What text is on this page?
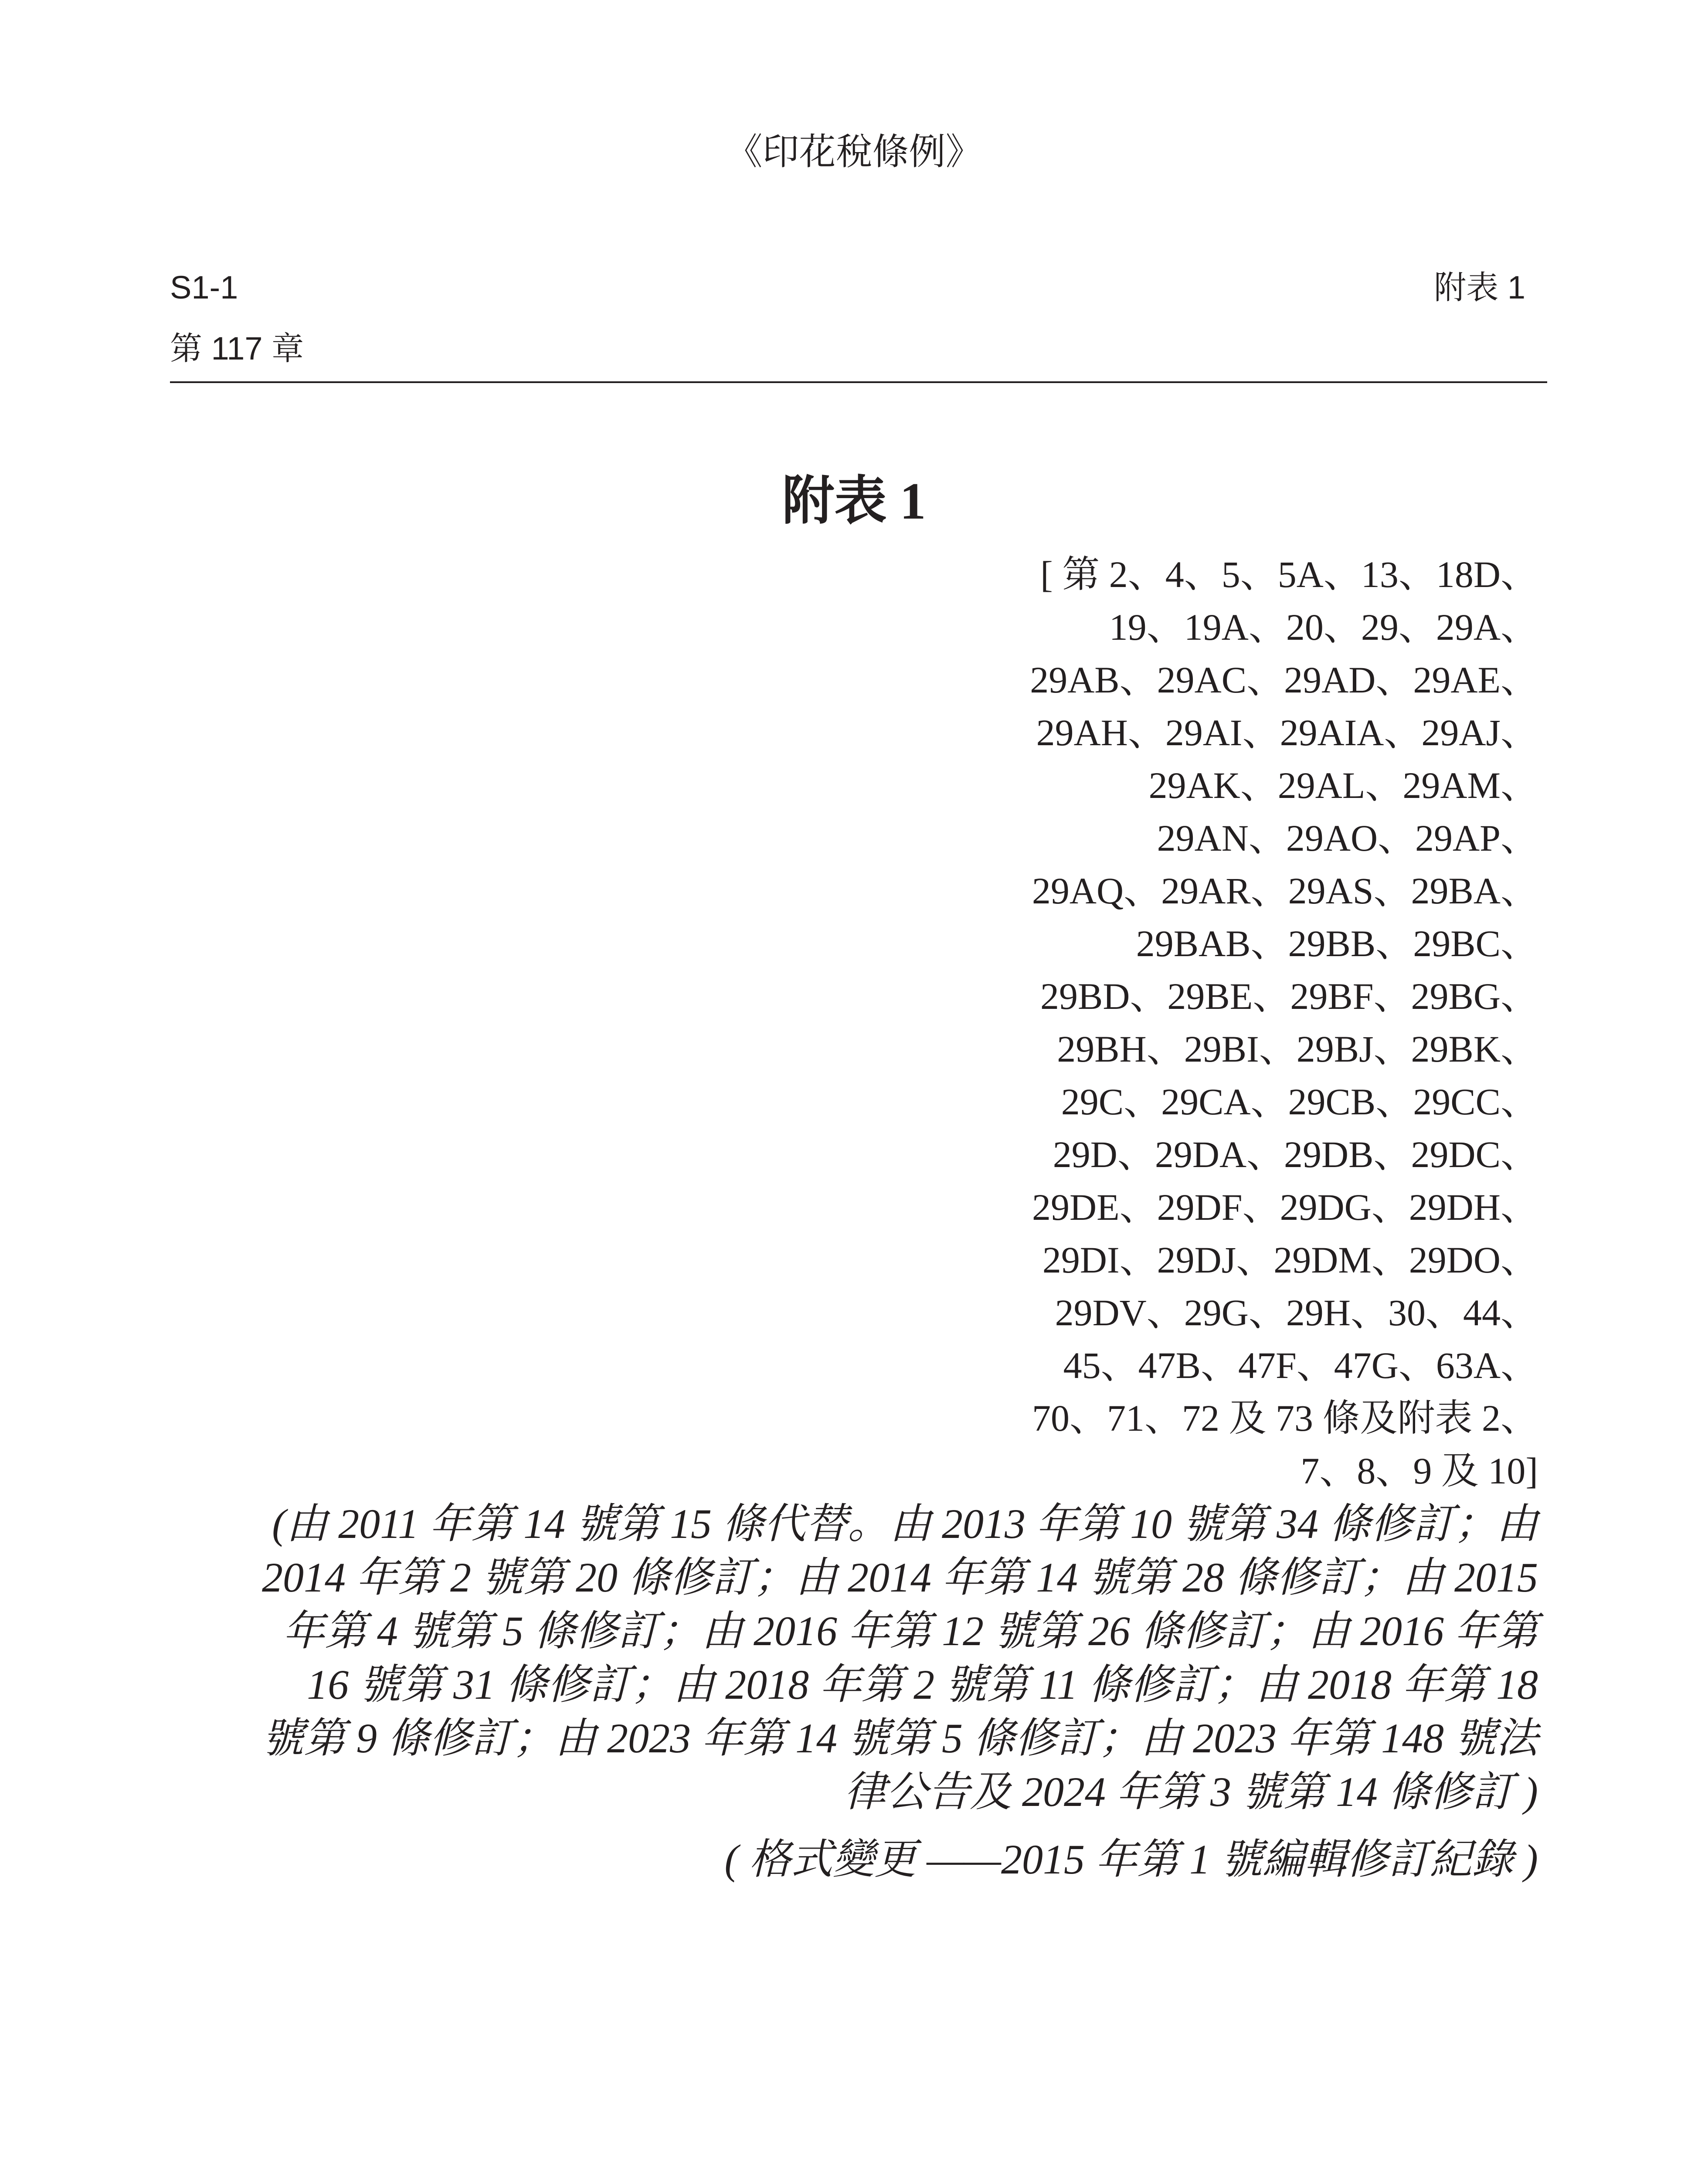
《印花稅條例》
S1-1
第 117 章
附表 1
附表 1
[ 第 2、4、5、5A、13、18D、
19、19A、20、29、29A、
29AB、29AC、29AD、29AE、
29AH、29AI、29AIA、29AJ、
29AK、29AL、29AM、
29AN、29AO、29AP、
29AQ、29AR、29AS、29BA、
29BAB、29BB、29BC、
29BD、29BE、29BF、29BG、
29BH、29BI、29BJ、29BK、
29C、29CA、29CB、29CC、
29D、29DA、29DB、29DC、
29DE、29DF、29DG、29DH、
29DI、29DJ、29DM、29DO、
29DV、29G、29H、30、44、
45、47B、47F、47G、63A、
70、71、72 及 73 條及附表 2、
7、8、9 及 10]
(由 2011 年第 14 號第 15 條代替。由 2013 年第 10 號第 34 條修訂；由
2014 年第 2 號第 20 條修訂；由 2014 年第 14 號第 28 條修訂；由 2015
年第 4 號第 5 條修訂；由 2016 年第 12 號第 26 條修訂；由 2016 年第
16 號第 31 條修訂；由 2018 年第 2 號第 11 條修訂；由 2018 年第 18
號第 9 條修訂；由 2023 年第 14 號第 5 條修訂；由 2023 年第 148 號法
律公告及 2024 年第 3 號第 14 條修訂 )
( 格式變更 ——2015 年第 1 號編輯修訂紀錄 )
